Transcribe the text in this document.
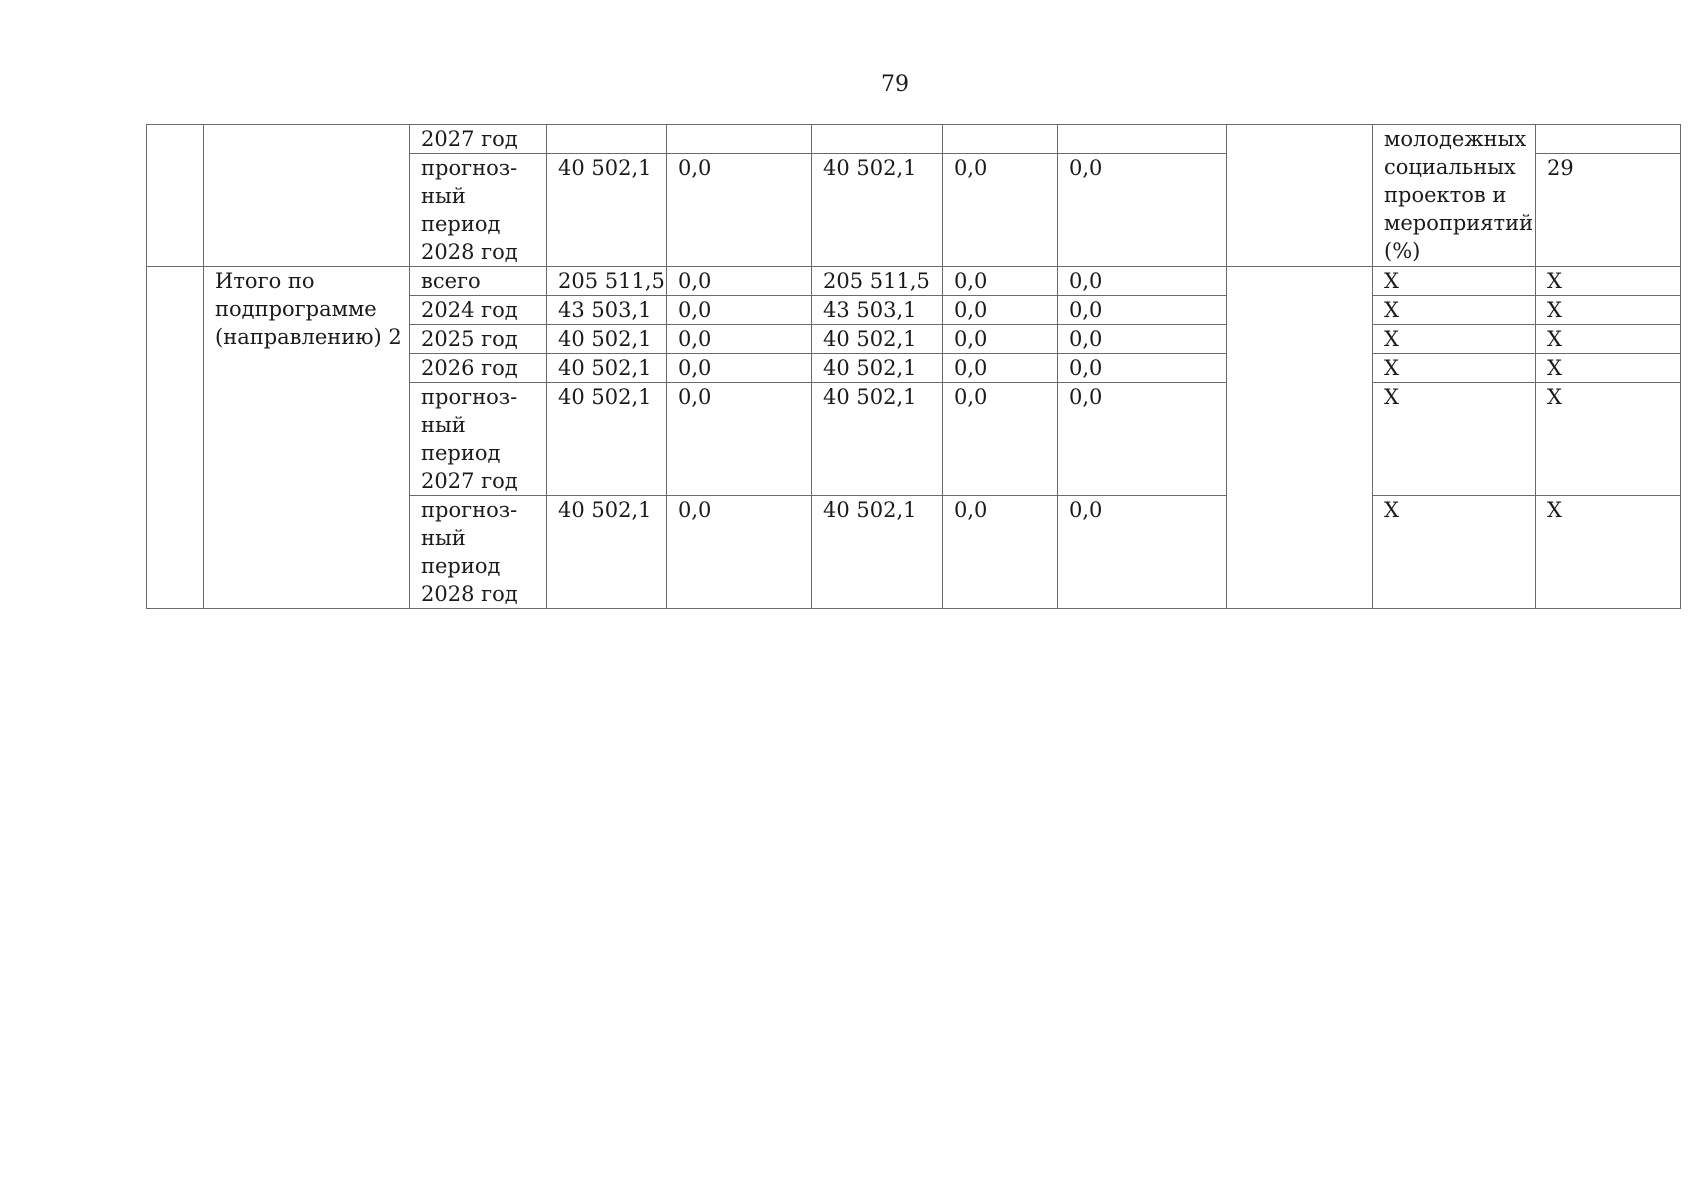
79
		2027 год							молодежных
социальных
проектов и
мероприятий
(%)	
		прогноз-
ный
период
2028 год	40 502,1	0,0	40 502,1	0,0	0,0			29
	Итого по
подпрограмме
(направлению) 2	всего	205 511,5	0,0	205 511,5	0,0	0,0		X	X
		2024 год	43 503,1	0,0	43 503,1	0,0	0,0		X	X
		2025 год	40 502,1	0,0	40 502,1	0,0	0,0		X	X
		2026 год	40 502,1	0,0	40 502,1	0,0	0,0		X	X
		прогноз-
ный
период
2027 год	40 502,1	0,0	40 502,1	0,0	0,0		X	X
		прогноз-
ный
период
2028 год	40 502,1	0,0	40 502,1	0,0	0,0		X	X
